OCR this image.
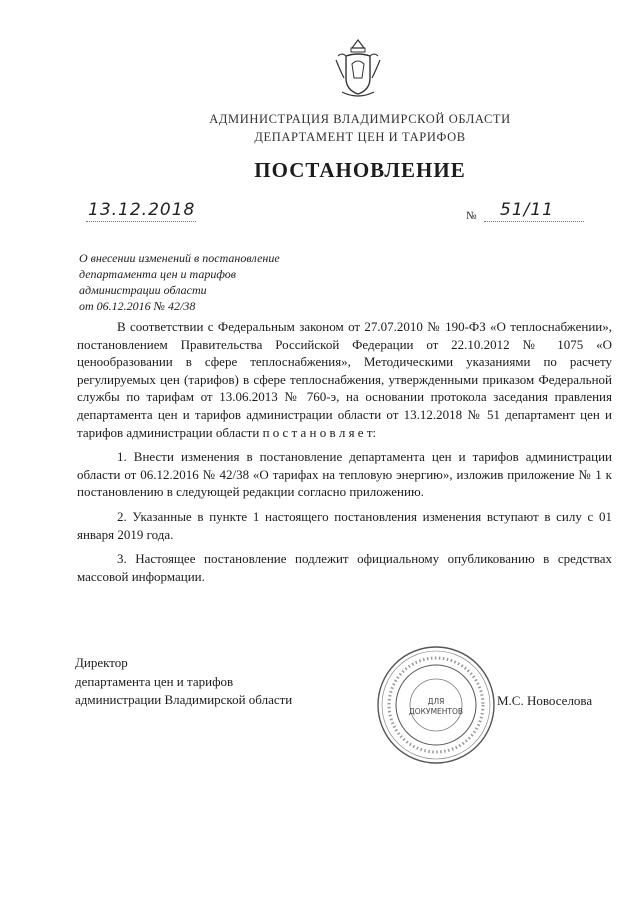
АДМИНИСТРАЦИЯ ВЛАДИМИРСКОЙ ОБЛАСТИ
ДЕПАРТАМЕНТ ЦЕН И ТАРИФОВ
ПОСТАНОВЛЕНИЕ
13.12.2018	№ 51/11
О внесении изменений в постановление
департамента цен и тарифов
администрации области
от 06.12.2016 № 42/38

В соответствии с Федеральным законом от 27.07.2010 № 190-ФЗ «О теплоснабжении», постановлением Правительства Российской Федерации от 22.10.2012 № 1075 «О ценообразовании в сфере теплоснабжения», Методическими указаниями по расчету регулируемых цен (тарифов) в сфере теплоснабжения, утвержденными приказом Федеральной службы по тарифам от 13.06.2013 № 760-э, на основании протокола заседания правления департамента цен и тарифов администрации области от 13.12.2018 № 51 департамент цен и тарифов администрации области п о с т а н о в л я е т:

1. Внести изменения в постановление департамента цен и тарифов администрации области от 06.12.2016 № 42/38 «О тарифах на тепловую энергию», изложив приложение № 1 к постановлению в следующей редакции согласно приложению.

2. Указанные в пункте 1 настоящего постановления изменения вступают в силу с 01 января 2019 года.

3. Настоящее постановление подлежит официальному опубликованию в средствах массовой информации.

Директор
департамента цен и тарифов
администрации Владимирской области	ДЛЯ
ДОКУМЕНТОВ
М.С. Новоселова
